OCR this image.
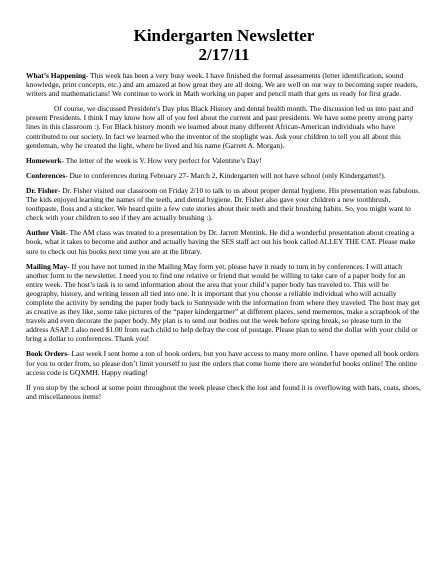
Kindergarten Newsletter
2/17/11

What’s Happening- This week has been a very busy week. I have finished the formal assessments (letter identification, sound knowledge, print concepts, etc.) and am amazed at how great they are all doing. We are well on our way to becoming super readers, writers and mathematicians! We continue to work in Math working on paper and pencil math that gets us ready for first grade.

Of course, we discussed President’s Day plus Black History and dental health month. The discussion led us into past and present Presidents. I think I may know how all of you feel about the current and past presidents. We have some pretty strong party lines in this classroom :). For Black history month we learned about many different African-American individuals who have contributed to our society. In fact we learned who the inventor of the stoplight was. Ask your children to tell you all about this gentleman, why he created the light, where he lived and his name (Garrett A. Morgan).

Homework- The letter of the week is V. How very perfect for Valentine’s Day!

Conferences- Due to conferences during February 27- March 2, Kindergarten will not have school (only Kindergarten!).

Dr. Fisher- Dr. Fisher visited our classroom on Friday 2/10 to talk to us about proper dental hygiene. His presentation was fabulous. The kids enjoyed learning the names of the teeth, and dental hygiene. Dr. Fisher also gave your children a new toothbrush, toothpaste, floss and a sticker. We heard quite a few cute stories about their teeth and their brushing habits. So, you might want to check with your children to see if they are actually brushing :).

Author Visit- The AM class was treated to a presentation by Dr. Jarrett Mentink. He did a wonderful presentation about creating a book, what it takes to become and author and actually having the SES staff act out his book called ALLEY THE CAT. Please make sure to check out his books next time you are at the library.

Mailing May- If you have not turned in the Mailing May form yet, please have it ready to turn in by conferences. I will attach another form to the newsletter. I need you to find one relative or friend that would be willing to take care of a paper body for an entire week. The host’s task is to send information about the area that your child’s paper body has traveled to. This will be geography, history, and writing lesson all tied into one. It is important that you choose a reliable individual who will actually complete the activity by sending the paper body back to Sunnyside with the information from where they traveled. The host may get as creative as they like, some take pictures of the “paper kindergartner” at different places, send mementos, make a scrapbook of the travels and even decorate the paper body. My plan is to send our bodies out the week before spring break, so please turn in the address ASAP. I also need $1.00 from each child to help defray the cost of postage. Please plan to send the dollar with your child or bring a dollar to conferences. Thank you!

Book Orders- Last week I sent home a ton of book orders, but you have access to many more online. I have opened all book orders for you to order from, so please don’t limit yourself to just the orders that come home there are wonderful books online! The online access code is GQXMH. Happy reading!

If you stop by the school at some point throughout the week please check the lost and found it is overflowing with hats, coats, shoes, and miscellaneous items!
